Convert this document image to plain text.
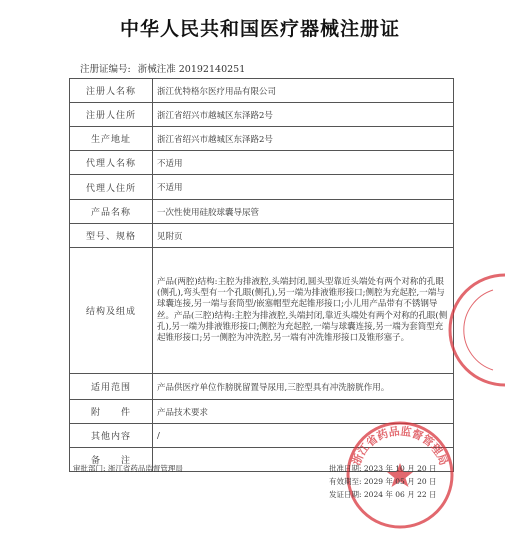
中华人民共和国医疗器械注册证
注册证编号: 浙械注准 20192140251
注册人名称	浙江优特格尔医疗用品有限公司
注册人住所	浙江省绍兴市越城区东泽路2号
生产地址	浙江省绍兴市越城区东泽路2号
代理人名称	不适用
代理人住所	不适用
产品名称	一次性使用硅胶球囊导尿管
型号、规格	见附页
结构及组成	产品(两腔)结构:主腔为排液腔,头端封闭,圆头型靠近头端处有两个对称的孔眼(侧孔),弯头型有一个孔眼(侧孔),另一端为排液锥形接口;侧腔为充起腔,一端与球囊连接,另一端与套筒型/嵌塞帽型充起锥形接口;小儿用产品带有不锈钢导丝。产品(三腔)结构:主腔为排液腔,头端封闭,靠近头端处有两个对称的孔眼(侧孔),另一端为排液锥形接口;侧腔为充起腔,一端与球囊连接,另一端为套筒型充起锥形接口;另一侧腔为冲洗腔,另一端有冲洗锥形接口及锥形塞子。
适用范围	产品供医疗单位作膀胱留置导尿用,三腔型具有冲洗膀胱作用。
附　　件	产品技术要求
其他内容	/
备　　注		浙江省药品监督管理局
审批部门: 浙江省药品监督管理局	批准日期: 2023 年 10 月 20 日
有效期至: 2029 年 05 月 20 日
发证日期: 2024 年 06 月 22 日
